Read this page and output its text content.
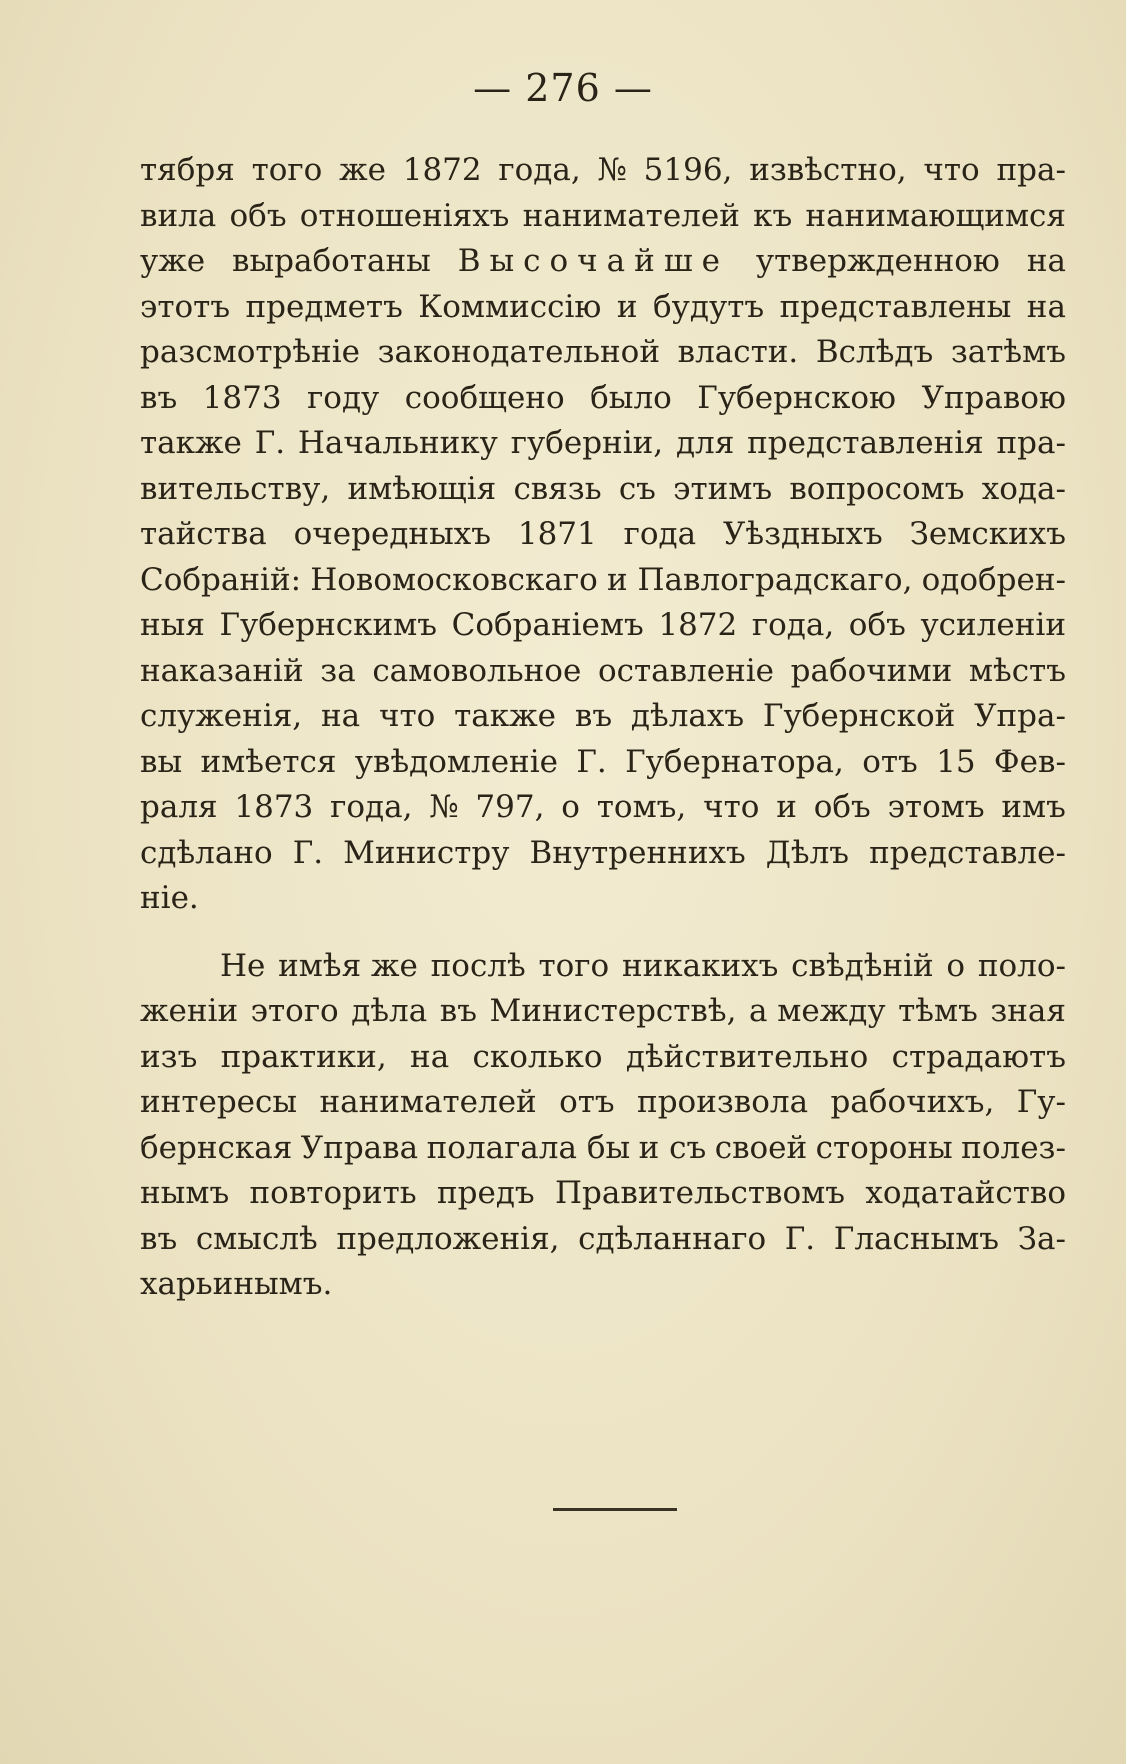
— 276 —
тября того же 1872 года, № 5196, извѣстно, что пра-
вила объ отношеніяхъ нанимателей къ нанимающимся
уже выработаны Высочайше утвержденною на
этотъ предметъ Коммиссію и будутъ представлены на
разсмотрѣніе законодательной власти. Вслѣдъ затѣмъ
въ 1873 году сообщено было Губернскою Управою
также Г. Начальнику губерніи, для представленія пра-
вительству, имѣющія связь съ этимъ вопросомъ хода-
тайства очередныхъ 1871 года Уѣздныхъ Земскихъ
Собраній: Новомосковскаго и Павлоградскаго, одобрен-
ныя Губернскимъ Собраніемъ 1872 года, объ усиленіи
наказаній за самовольное оставленіе рабочими мѣстъ
служенія, на что также въ дѣлахъ Губернской Упра-
вы имѣется увѣдомленіе Г. Губернатора, отъ 15 Фев-
раля 1873 года, № 797, о томъ, что и объ этомъ имъ
сдѣлано Г. Министру Внутреннихъ Дѣлъ представле-
ніе.
Не имѣя же послѣ того никакихъ свѣдѣній о поло-
женіи этого дѣла въ Министерствѣ, а между тѣмъ зная
изъ практики, на сколько дѣйствительно страдаютъ
интересы нанимателей отъ произвола рабочихъ, Гу-
бернская Управа полагала бы и съ своей стороны полез-
нымъ повторить предъ Правительствомъ ходатайство
въ смыслѣ предложенія, сдѣланнаго Г. Гласнымъ За-
харьинымъ.
